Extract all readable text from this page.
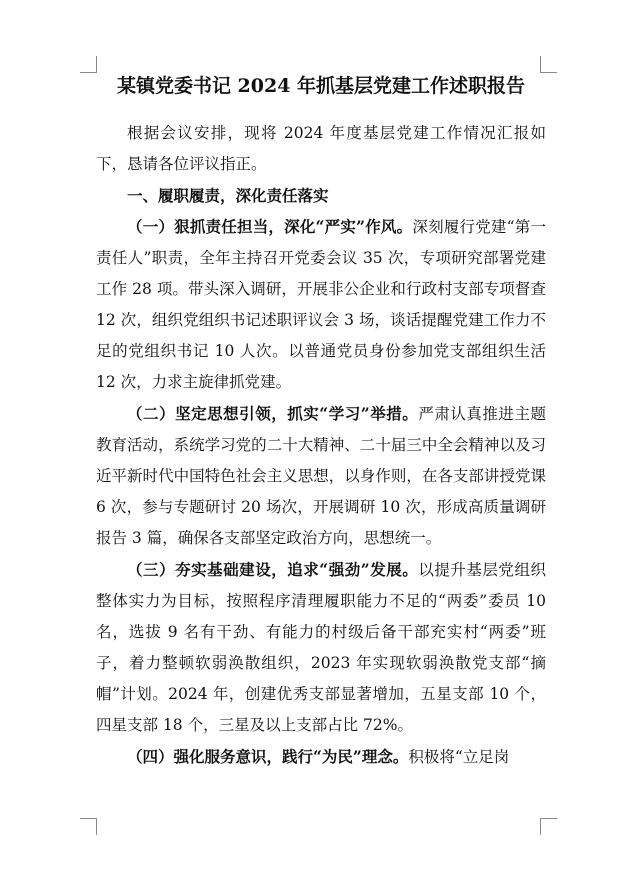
某镇党委书记 2024 年抓基层党建工作述职报告

根据会议安排，现将 2024 年度基层党建工作情况汇报如下，恳请各位评议指正。

一、履职履责，深化责任落实

（一）狠抓责任担当，深化“严实”作风。深刻履行党建“第一责任人”职责，全年主持召开党委会议 35 次，专项研究部署党建工作 28 项。带头深入调研，开展非公企业和行政村支部专项督查 12 次，组织党组织书记述职评议会 3 场，谈话提醒党建工作力不足的党组织书记 10 人次。以普通党员身份参加党支部组织生活 12 次，力求主旋律抓党建。

（二）坚定思想引领，抓实“学习”举措。严肃认真推进主题教育活动，系统学习党的二十大精神、二十届三中全会精神以及习近平新时代中国特色社会主义思想，以身作则，在各支部讲授党课 6 次，参与专题研讨 20 场次，开展调研 10 次，形成高质量调研报告 3 篇，确保各支部坚定政治方向，思想统一。

（三）夯实基础建设，追求“强劲”发展。以提升基层党组织整体实力为目标，按照程序清理履职能力不足的“两委”委员 10 名，选拔 9 名有干劲、有能力的村级后备干部充实村“两委”班子，着力整顿软弱涣散组织，2023 年实现软弱涣散党支部“摘帽”计划。2024 年，创建优秀支部显著增加，五星支部 10 个，四星支部 18 个，三星及以上支部占比 72%。

（四）强化服务意识，践行“为民”理念。积极将“立足岗
